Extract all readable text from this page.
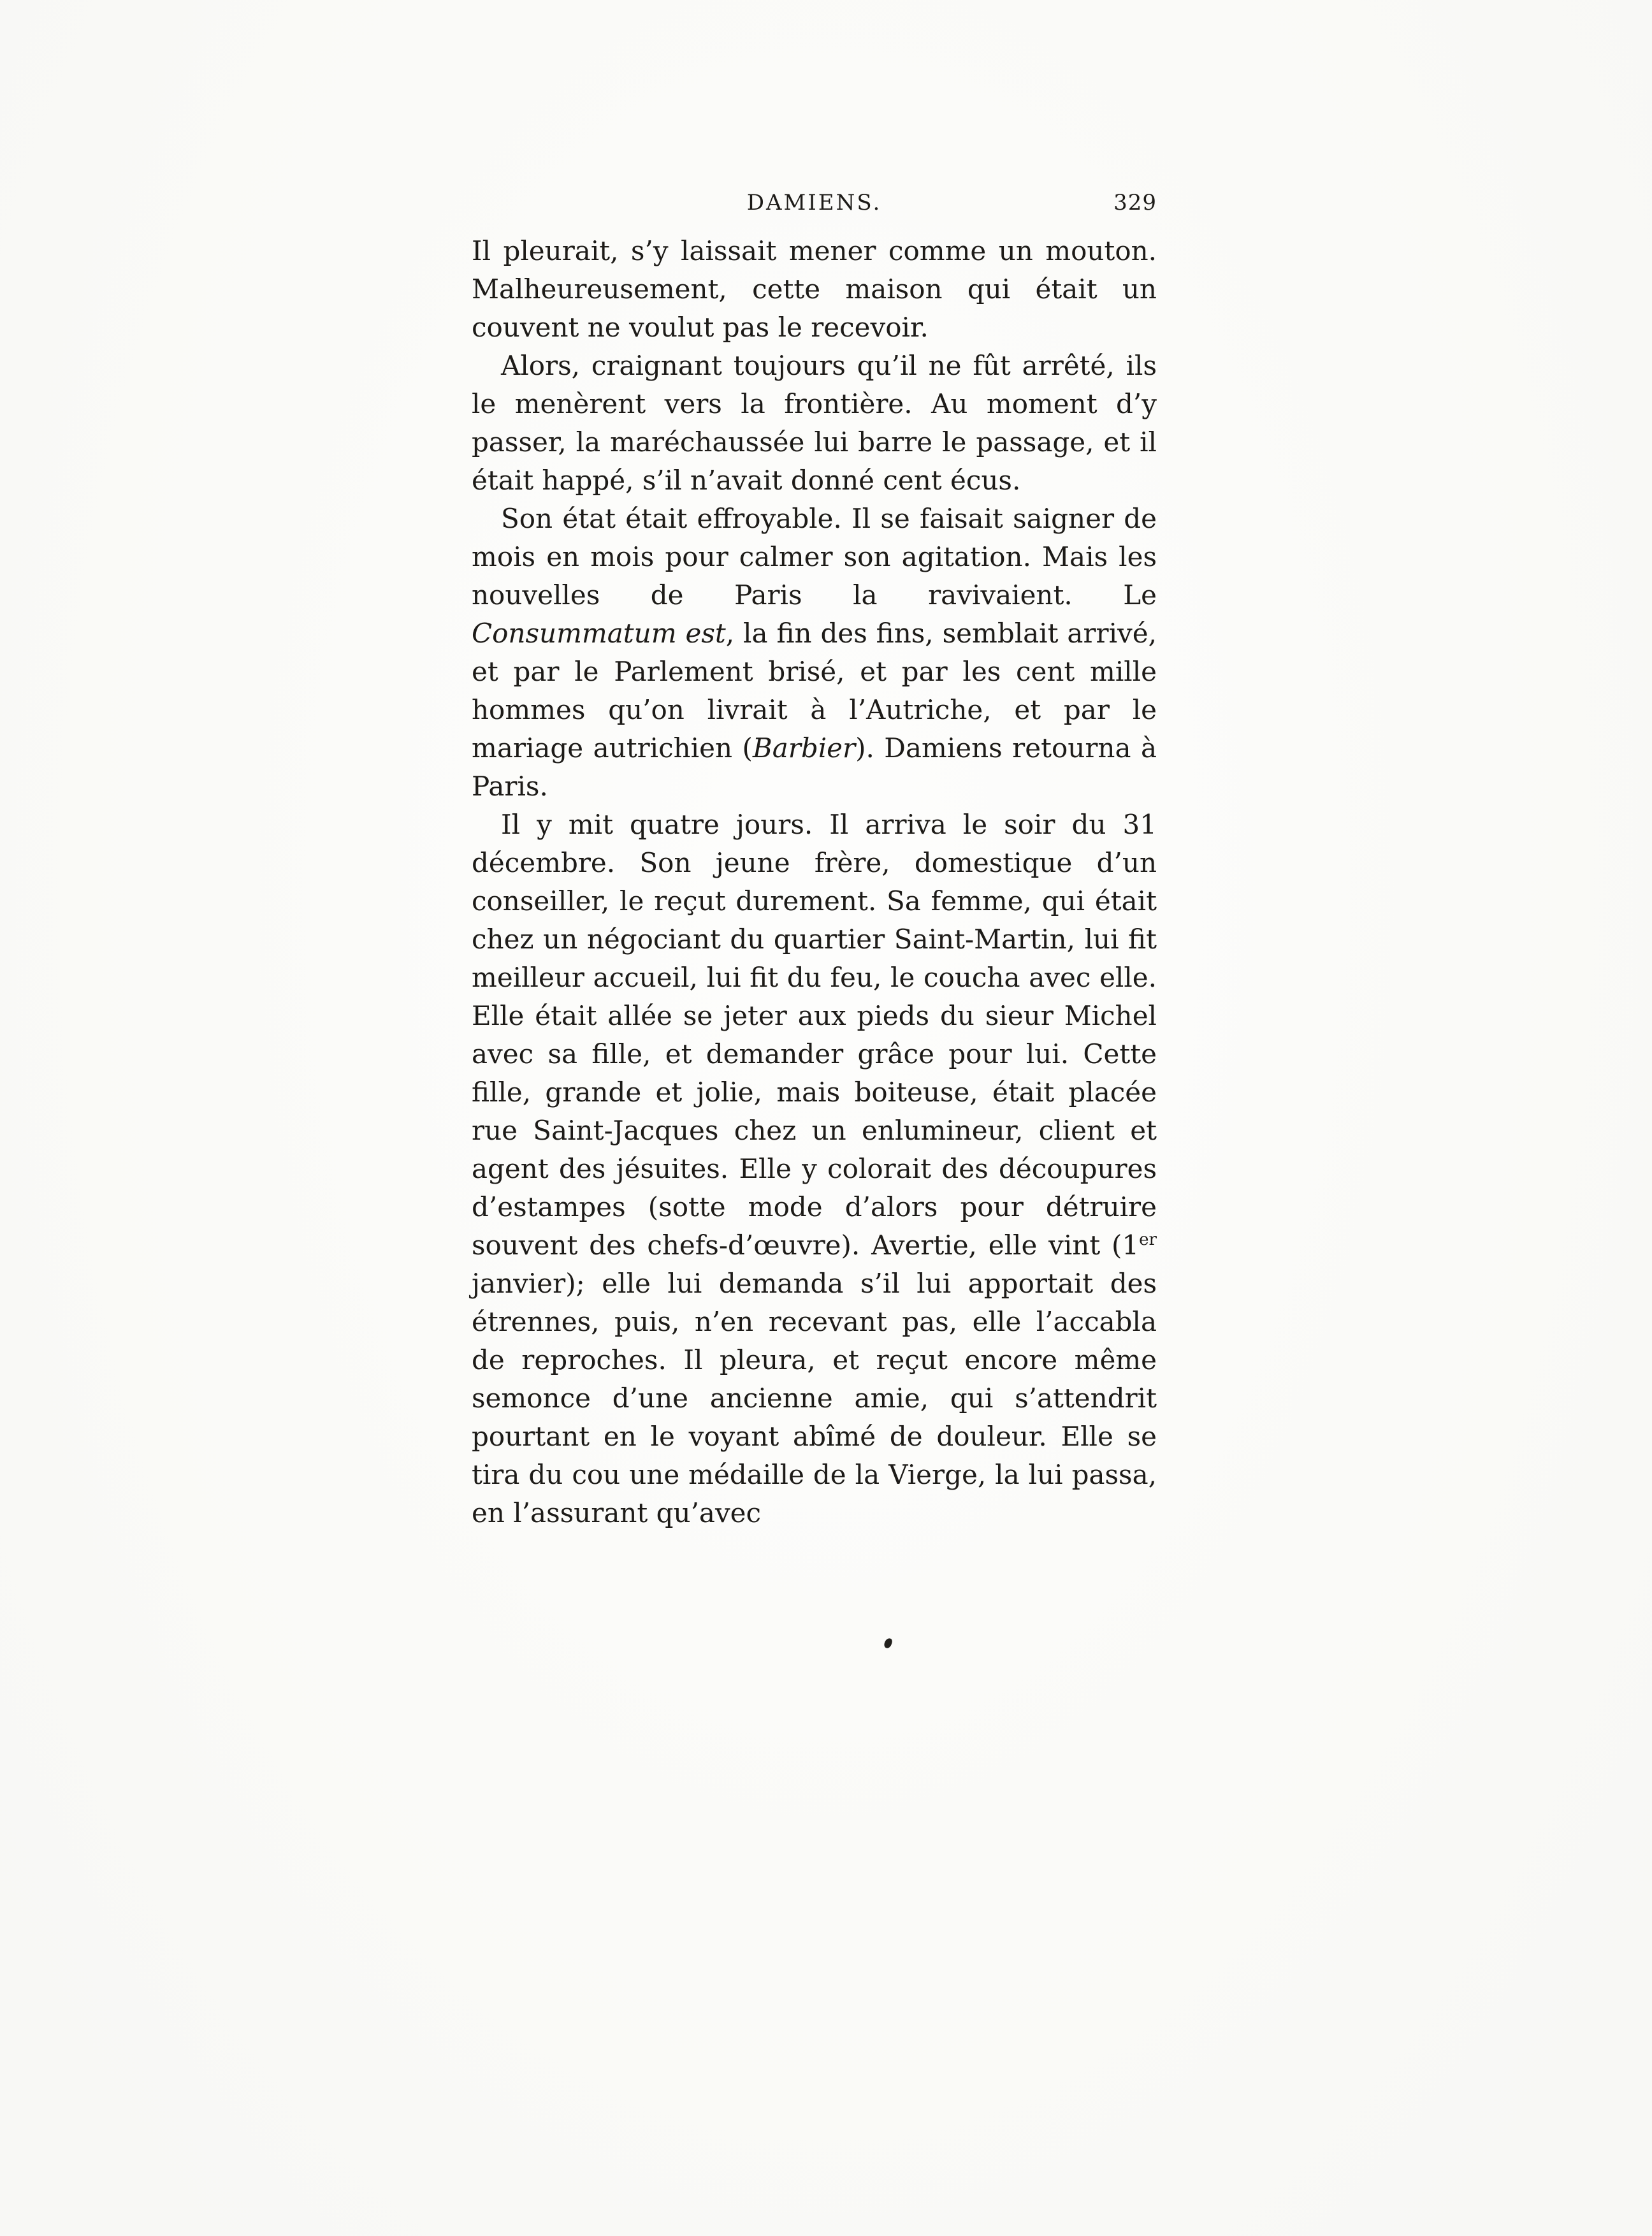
DAMIENS.	329

Il pleurait, s’y laissait mener comme un mouton. Malheureusement, cette maison qui était un couvent ne voulut pas le recevoir.

Alors, craignant toujours qu’il ne fût arrêté, ils le menèrent vers la frontière. Au moment d’y passer, la maréchaussée lui barre le passage, et il était happé, s’il n’avait donné cent écus.

Son état était effroyable. Il se faisait saigner de mois en mois pour calmer son agitation. Mais les nouvelles de Paris la ravivaient. Le Consummatum est, la fin des fins, semblait arrivé, et par le Parlement brisé, et par les cent mille hommes qu’on livrait à l’Autriche, et par le mariage autrichien (Barbier). Damiens retourna à Paris.

Il y mit quatre jours. Il arriva le soir du 31 décembre. Son jeune frère, domestique d’un conseiller, le reçut durement. Sa femme, qui était chez un négociant du quartier Saint-Martin, lui fit meilleur accueil, lui fit du feu, le coucha avec elle. Elle était allée se jeter aux pieds du sieur Michel avec sa fille, et demander grâce pour lui. Cette fille, grande et jolie, mais boiteuse, était placée rue Saint-Jacques chez un enlumineur, client et agent des jésuites. Elle y colorait des découpures d’estampes (sotte mode d’alors pour détruire souvent des chefs-d’œuvre). Avertie, elle vint (1er janvier); elle lui demanda s’il lui apportait des étrennes, puis, n’en recevant pas, elle l’accabla de reproches. Il pleura, et reçut encore même semonce d’une ancienne amie, qui s’attendrit pourtant en le voyant abîmé de douleur. Elle se tira du cou une médaille de la Vierge, la lui passa, en l’assurant qu’avec
